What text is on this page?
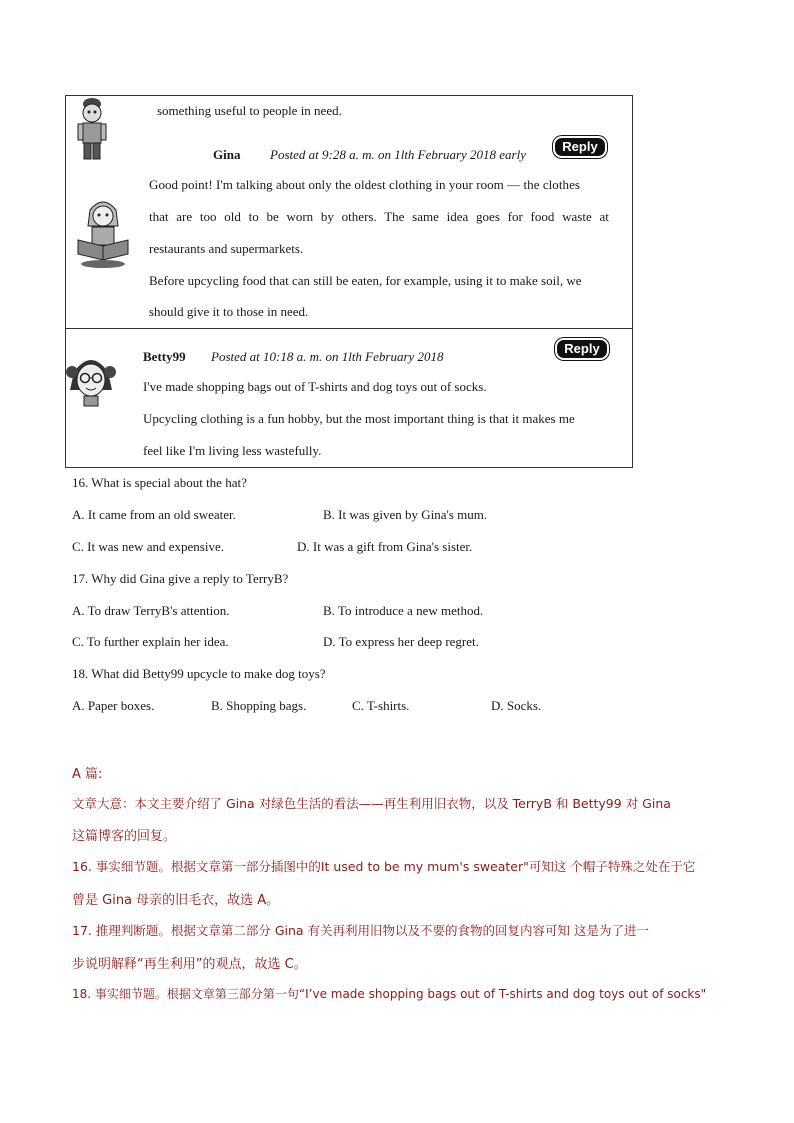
something useful to people in need.
Gina Posted at 9:28 a. m. on 1lth February 2018 early
Reply
Good point! I'm talking about only the oldest clothing in your room — the clothes
that are too old to be worn by others. The same idea goes for food waste at
restaurants and supermarkets.
Before upcycling food that can still be eaten, for example, using it to make soil, we
should give it to those in need.
Betty99 Posted at 10:18 a. m. on 1lth February 2018
Reply
I've made shopping bags out of T-shirts and dog toys out of socks.
Upcycling clothing is a fun hobby, but the most important thing is that it makes me
feel like I'm living less wastefully.
16. What is special about the hat?
A. It came from an old sweater.	B. It was given by Gina's mum.
C. It was new and expensive.	D. It was a gift from Gina's sister.
17. Why did Gina give a reply to TerryB?
A. To draw TerryB's attention.	B. To introduce a new method.
C. To further explain her idea.	D. To express her deep regret.
18. What did Betty99 upcycle to make dog toys?
A. Paper boxes.	B. Shopping bags.	C. T-shirts.	D. Socks.
A 篇:
文章大意：本文主要介绍了 Gina 对绿色生活的看法——再生利用旧衣物，以及 TerryB 和 Betty99 对 Gina
这篇博客的回复。
16. 事实细节题。根据文章第一部分插图中的It used to be my mum's sweater"可知这 个帽子特殊之处在于它
曾是 Gina 母亲的旧毛衣，故选 A。
17. 推理判断题。根据文章第二部分 Gina 有关再利用旧物以及不要的食物的回复内容可知 这是为了进一
步说明解释“再生利用”的观点，故选 C。
18. 事实细节题。根据文章第三部分第一句“I’ve made shopping bags out of T-shirts and dog toys out of socks"
